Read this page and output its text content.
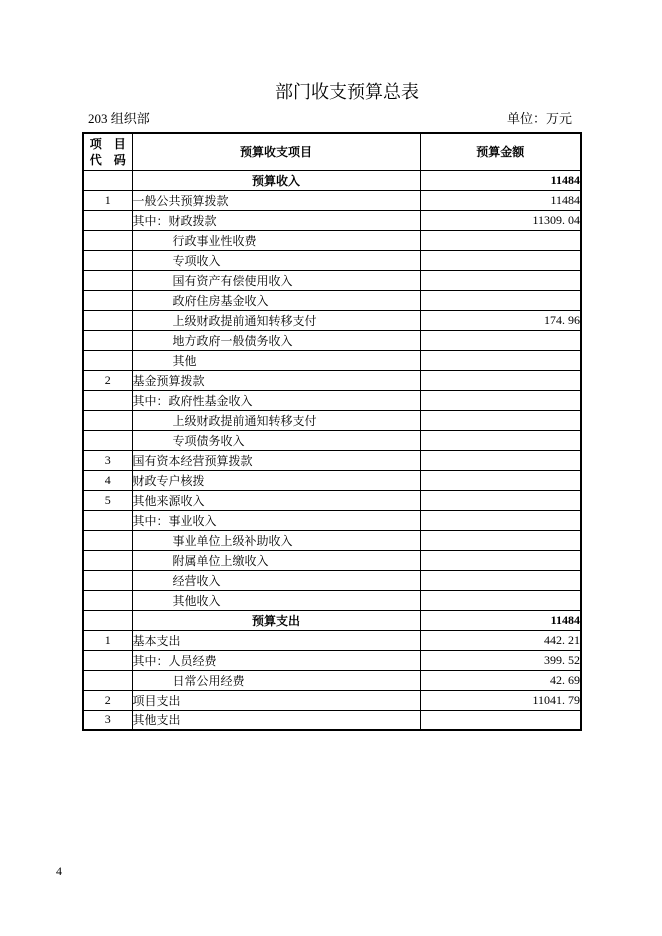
部门收支预算总表
203 组织部	单位：万元
项　目
代　码	预算收支项目	预算金额
	预算收入	11484
1	一般公共预算拨款	11484
	其中：财政拨款	11309. 04
	行政事业性收费	
	专项收入	
	国有资产有偿使用收入	
	政府住房基金收入	
	上级财政提前通知转移支付	174. 96
	地方政府一般债务收入	
	其他	
2	基金预算拨款	
	其中：政府性基金收入	
	上级财政提前通知转移支付	
	专项债务收入	
3	国有资本经营预算拨款	
4	财政专户核拨	
5	其他来源收入	
	其中：事业收入	
	事业单位上级补助收入	
	附属单位上缴收入	
	经营收入	
	其他收入	
	预算支出	11484
1	基本支出	442. 21
	其中：人员经费	399. 52
	日常公用经费	42. 69
2	项目支出	11041. 79
3	其他支出	
4
